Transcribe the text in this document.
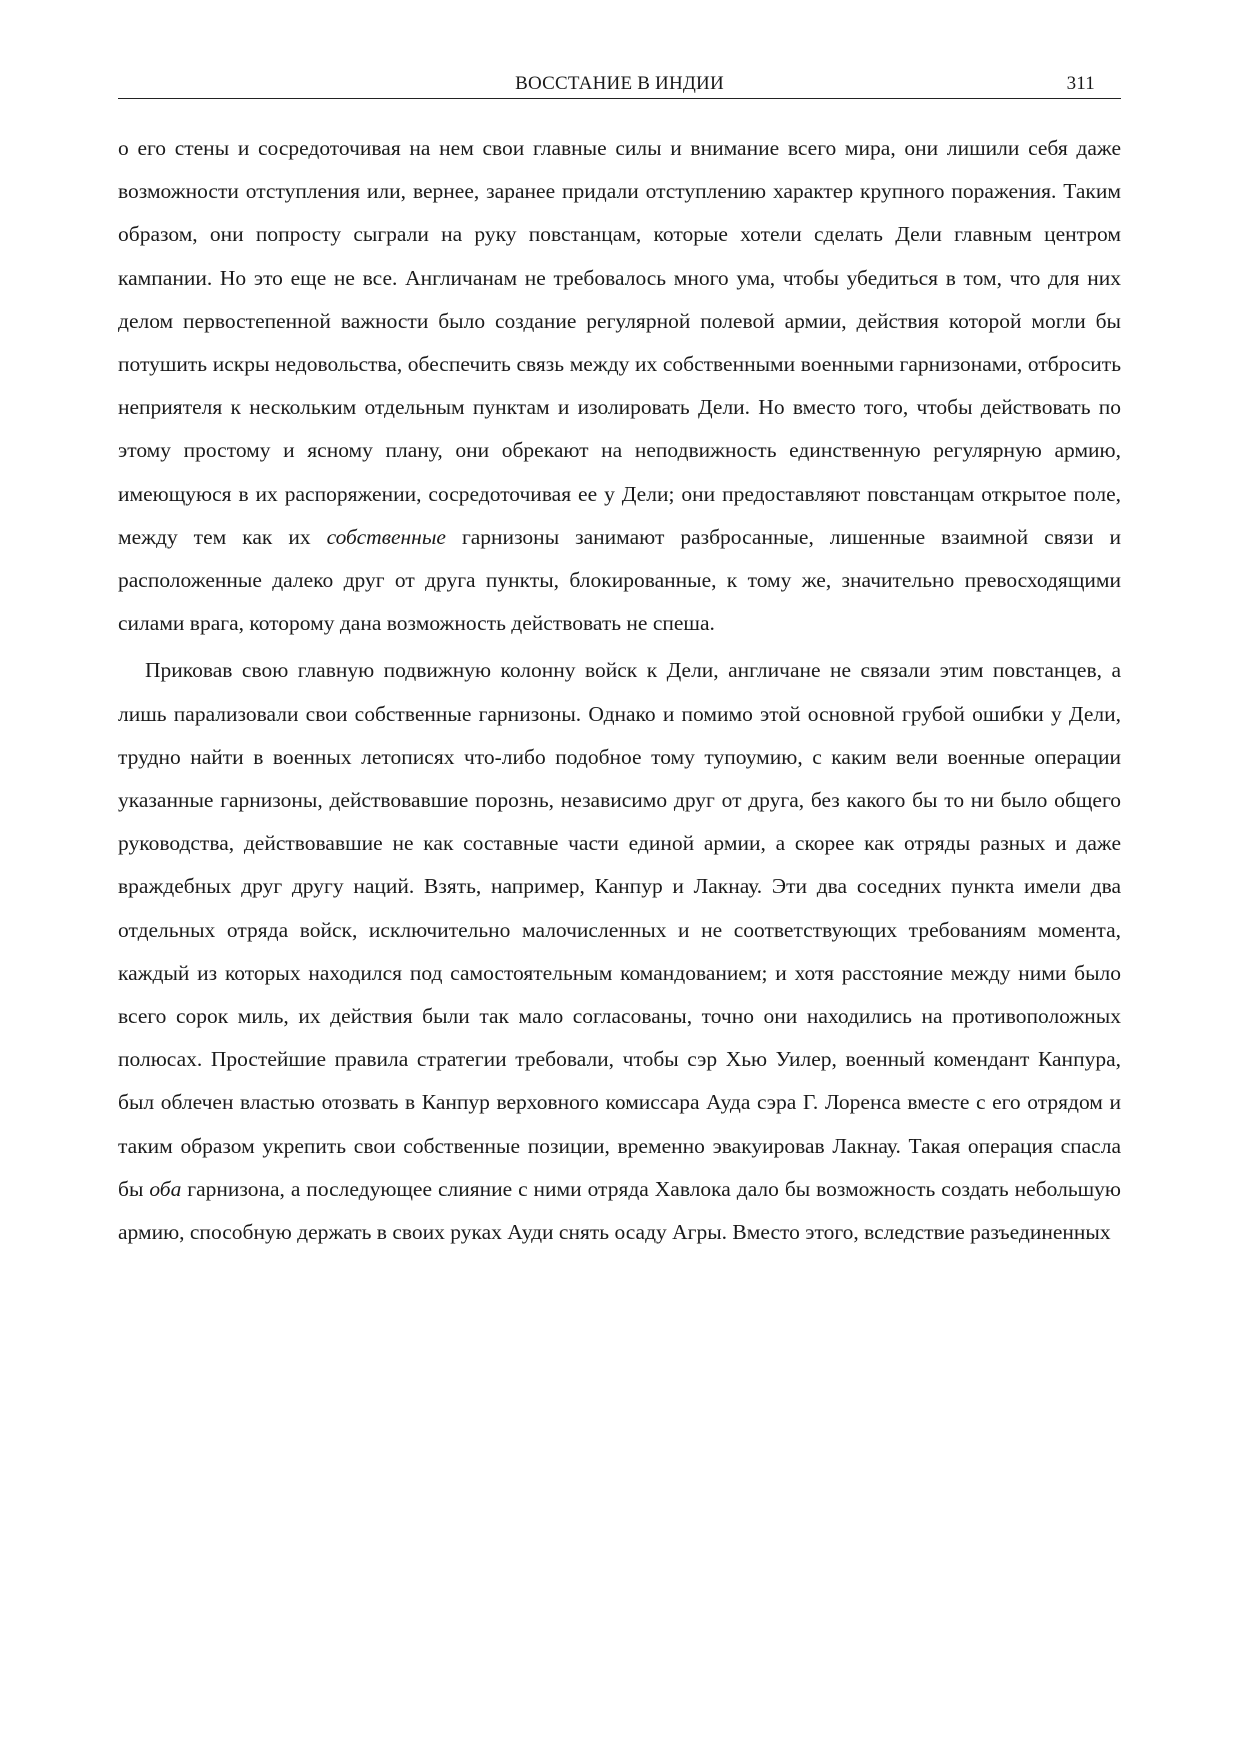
ВОССТАНИЕ В ИНДИИ	311

о его стены и сосредоточивая на нем свои главные силы и внимание всего мира, они лишили себя даже возможности отступления или, вернее, заранее придали отступлению характер крупного поражения. Таким образом, они попросту сыграли на руку повстанцам, которые хотели сделать Дели главным центром кампании. Но это еще не все. Англичанам не требовалось много ума, чтобы убедиться в том, что для них делом первостепенной важности было создание регулярной полевой армии, действия которой могли бы потушить искры недовольства, обеспечить связь между их собственными военными гарнизонами, отбросить неприятеля к нескольким отдельным пунктам и изолировать Дели. Но вместо того, чтобы действовать по этому простому и ясному плану, они обрекают на неподвижность единственную регулярную армию, имеющуюся в их распоряжении, сосредоточивая ее у Дели; они предоставляют повстанцам открытое поле, между тем как их собственные гарнизоны занимают разбросанные, лишенные взаимной связи и расположенные далеко друг от друга пункты, блокированные, к тому же, значительно превосходящими силами врага, которому дана возможность действовать не спеша.

Приковав свою главную подвижную колонну войск к Дели, англичане не связали этим повстанцев, а лишь парализовали свои собственные гарнизоны. Однако и помимо этой основной грубой ошибки у Дели, трудно найти в военных летописях что-либо подобное тому тупоумию, с каким вели военные операции указанные гарнизоны, действовавшие порознь, независимо друг от друга, без какого бы то ни было общего руководства, действовавшие не как составные части единой армии, а скорее как отряды разных и даже враждебных друг другу наций. Взять, например, Канпур и Лакнау. Эти два соседних пункта имели два отдельных отряда войск, исключительно малочисленных и не соответствующих требованиям момента, каждый из которых находился под самостоятельным командованием; и хотя расстояние между ними было всего сорок миль, их действия были так мало согласованы, точно они находились на противоположных полюсах. Простейшие правила стратегии требовали, чтобы сэр Хью Уилер, военный комендант Канпура, был облечен властью отозвать в Канпур верховного комиссара Ауда сэра Г. Лоренса вместе с его отрядом и таким образом укрепить свои собственные позиции, временно эвакуировав Лакнау. Такая операция спасла бы оба гарнизона, а последующее слияние с ними отряда Хавлока дало бы возможность создать небольшую армию, способную держать в своих руках Ауди снять осаду Агры. Вместо этого, вследствие разъединенных
